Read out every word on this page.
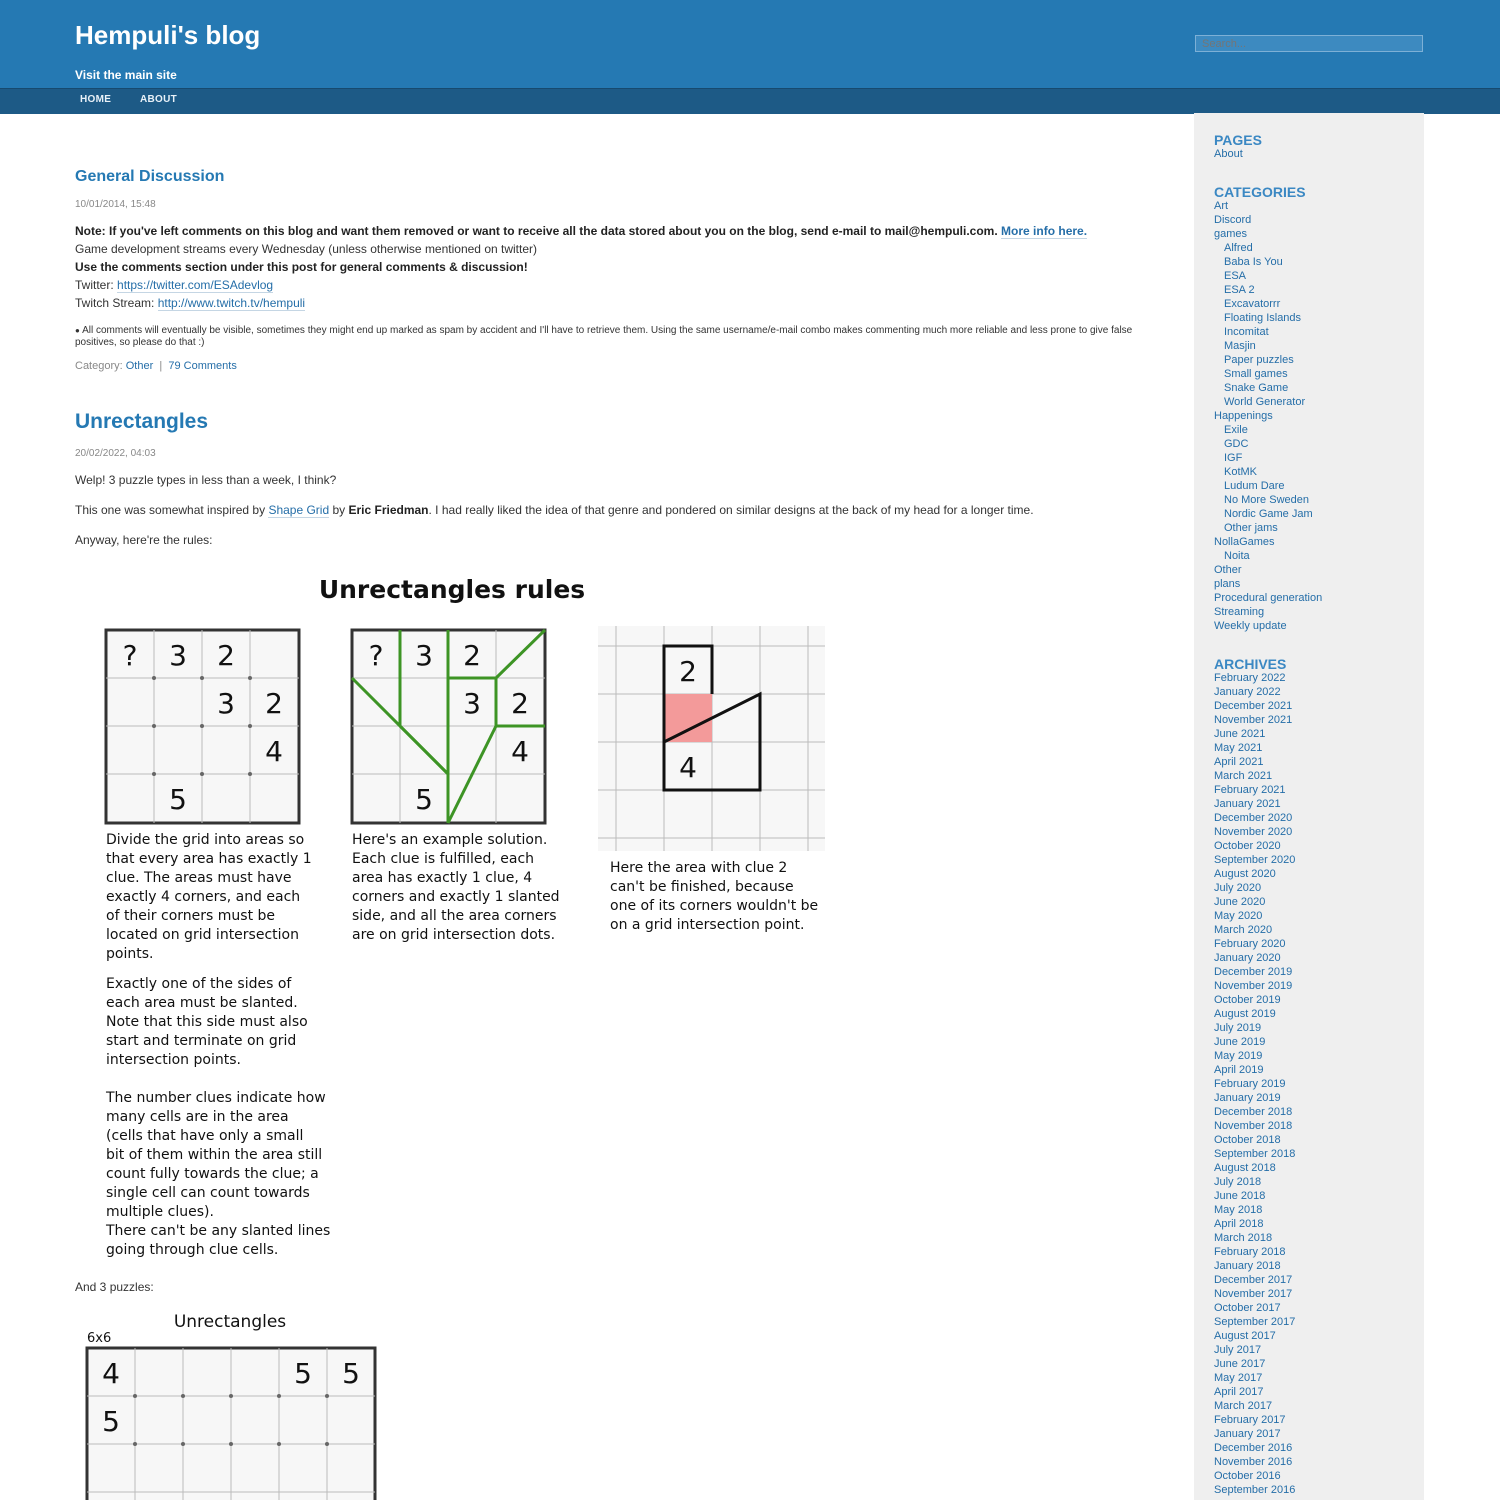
Hempuli's blog
Visit the main site
Search...
HOME	ABOUT
General Discussion
10/01/2014, 15:48
Note: If you've left comments on this blog and want them removed or want to receive all the data stored about you on the blog, send e-mail to mail@hempuli.com. More info here.
Game development streams every Wednesday (unless otherwise mentioned on twitter)
Use the comments section under this post for general comments & discussion!
Twitter: https://twitter.com/ESAdevlog
Twitch Stream: http://www.twitch.tv/hempuli
● All comments will eventually be visible, sometimes they might end up marked as spam by accident and I'll have to retrieve them. Using the same username/e-mail combo makes commenting much more reliable and less prone to give false positives, so please do that :)
Category: Other  |  79 Comments
Unrectangles
20/02/2022, 04:03
Welp! 3 puzzle types in less than a week, I think?
This one was somewhat inspired by Shape Grid by Eric Friedman. I had really liked the idea of that genre and pondered on similar designs at the back of my head for a longer time.
Anyway, here're the rules:
Unrectangles rules
? 3 2
3 2
4
5
? 3 2
3 2
4
5
2
4
Divide the grid into areas so
that every area has exactly 1
clue. The areas must have
exactly 4 corners, and each
of their corners must be
located on grid intersection
points.
Exactly one of the sides of
each area must be slanted.
Note that this side must also
start and terminate on grid
intersection points.
The number clues indicate how
many cells are in the area
(cells that have only a small
bit of them within the area still
count fully towards the clue; a
single cell can count towards
multiple clues).
There can't be any slanted lines
going through clue cells.
Here's an example solution.
Each clue is fulfilled, each
area has exactly 1 clue, 4
corners and exactly 1 slanted
side, and all the area corners
are on grid intersection dots.
Here the area with clue 2
can't be finished, because
one of its corners wouldn't be
on a grid intersection point.
And 3 puzzles:
Unrectangles
6x6
4	5 5
5
PAGES
CATEGORIES
ARCHIVES
About
Art
Discord
games
Alfred
Baba Is You
ESA
ESA 2
Excavatorrr
Floating Islands
Incomitat
Masjin
Paper puzzles
Small games
Snake Game
World Generator
Happenings
Exile
GDC
IGF
KotMK
Ludum Dare
No More Sweden
Nordic Game Jam
Other jams
NollaGames
Noita
Other
plans
Procedural generation
Streaming
Weekly update
February 2022
January 2022
December 2021
November 2021
June 2021
May 2021
April 2021
March 2021
February 2021
January 2021
December 2020
November 2020
October 2020
September 2020
August 2020
July 2020
June 2020
May 2020
March 2020
February 2020
January 2020
December 2019
November 2019
October 2019
August 2019
July 2019
June 2019
May 2019
April 2019
February 2019
January 2019
December 2018
November 2018
October 2018
September 2018
August 2018
July 2018
June 2018
May 2018
April 2018
March 2018
February 2018
January 2018
December 2017
November 2017
October 2017
September 2017
August 2017
July 2017
June 2017
May 2017
April 2017
March 2017
February 2017
January 2017
December 2016
November 2016
October 2016
September 2016
